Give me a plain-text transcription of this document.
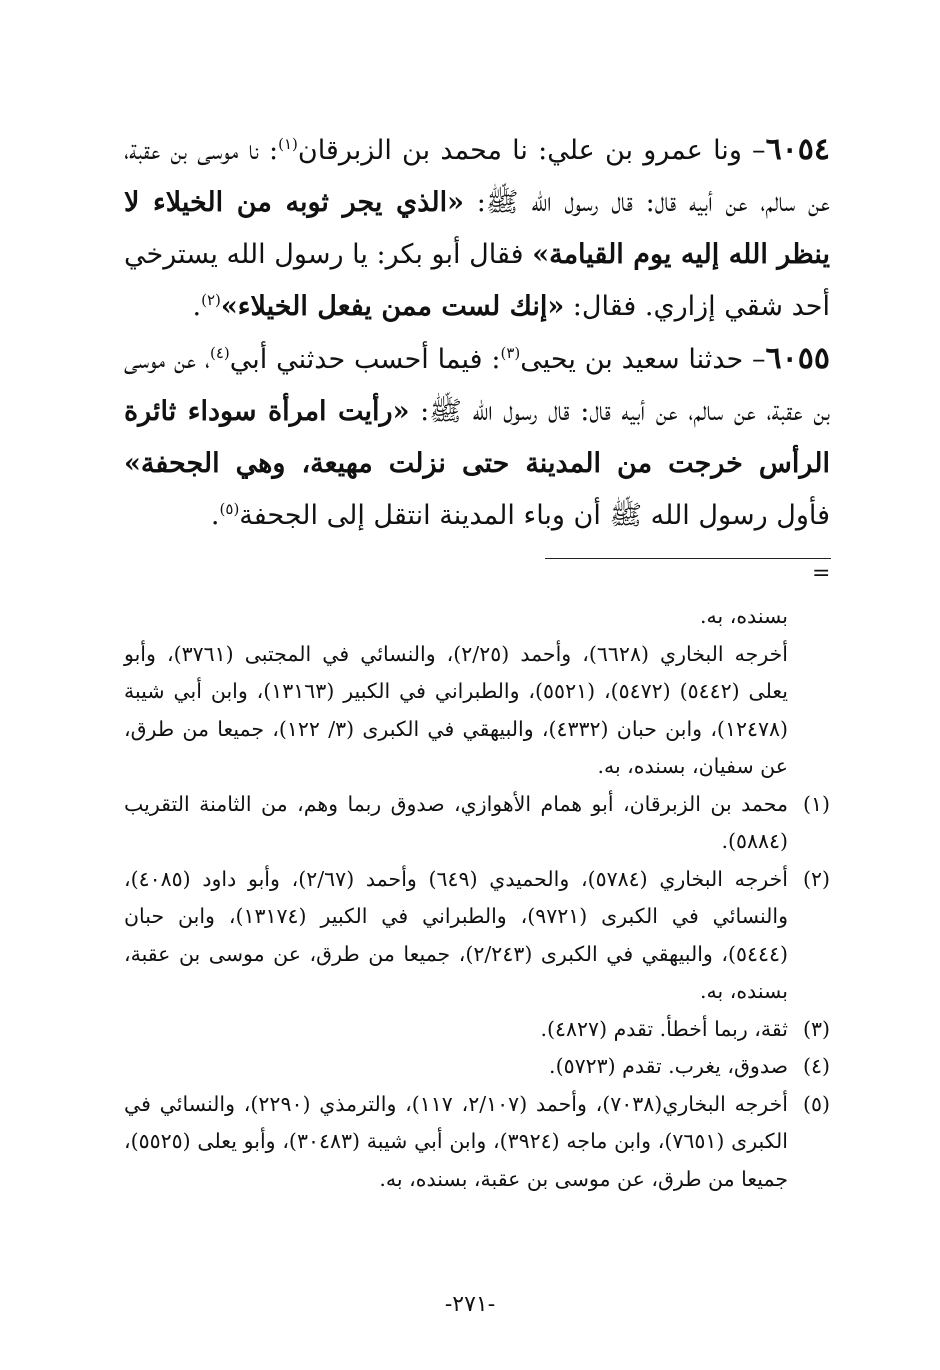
٦٠٥٤– ونا عمرو بن علي: نا محمد بن الزبرقان$^{(١)}$: نا موسى بن عقبة، عن سالم، عن أبيه قال: قال رسول الله ﷺ: «الذي يجر ثوبه من الخيلاء لا ينظر الله إليه يوم القيامة» فقال أبو بكر: يا رسول الله يسترخي أحد شقي إزاري. فقال: «إنك لست ممن يفعل الخيلاء»$^{(٢)}$.

٦٠٥٥– حدثنا سعيد بن يحيى$^{(٣)}$: فيما أحسب حدثني أبي$^{(٤)}$، عن موسى بن عقبة، عن سالم، عن أبيه قال: قال رسول الله ﷺ: «رأيت امرأة سوداء ثائرة الرأس خرجت من المدينة حتى نزلت مهيعة، وهي الجحفة» فأول رسول الله ﷺ أن وباء المدينة انتقل إلى الجحفة$^{(٥)}$.

=

بسنده، به.

أخرجه البخاري (٦٦٢٨)، وأحمد (٢/٢٥)، والنسائي في المجتبى (٣٧٦١)، وأبو يعلى (٥٤٤٢) (٥٤٧٢)، (٥٥٢١)، والطبراني في الكبير (١٣١٦٣)، وابن أبي شيبة (١٢٤٧٨)، وابن حبان (٤٣٣٢)، والبيهقي في الكبرى (٣/ ١٢٢)، جميعا من طرق، عن سفيان، بسنده، به.

(١)
محمد بن الزبرقان، أبو همام الأهوازي، صدوق ربما وهم، من الثامنة التقريب (٥٨٨٤).
(٢)
أخرجه البخاري (٥٧٨٤)، والحميدي (٦٤٩) وأحمد (٢/٦٧)، وأبو داود (٤٠٨٥)، والنسائي في الكبرى (٩٧٢١)، والطبراني في الكبير (١٣١٧٤)، وابن حبان (٥٤٤٤)، والبيهقي في الكبرى (٢/٢٤٣)، جميعا من طرق، عن موسى بن عقبة، بسنده، به.
(٣)
ثقة، ربما أخطأ. تقدم (٤٨٢٧).
(٤)
صدوق، يغرب. تقدم (٥٧٢٣).
(٥)
أخرجه البخاري(٧٠٣٨)، وأحمد (٢/١٠٧، ١١٧)، والترمذي (٢٢٩٠)، والنسائي في الكبرى (٧٦٥١)، وابن ماجه (٣٩٢٤)، وابن أبي شيبة (٣٠٤٨٣)، وأبو يعلى (٥٥٢٥)، جميعا من طرق، عن موسى بن عقبة، بسنده، به.
-٢٧١-
